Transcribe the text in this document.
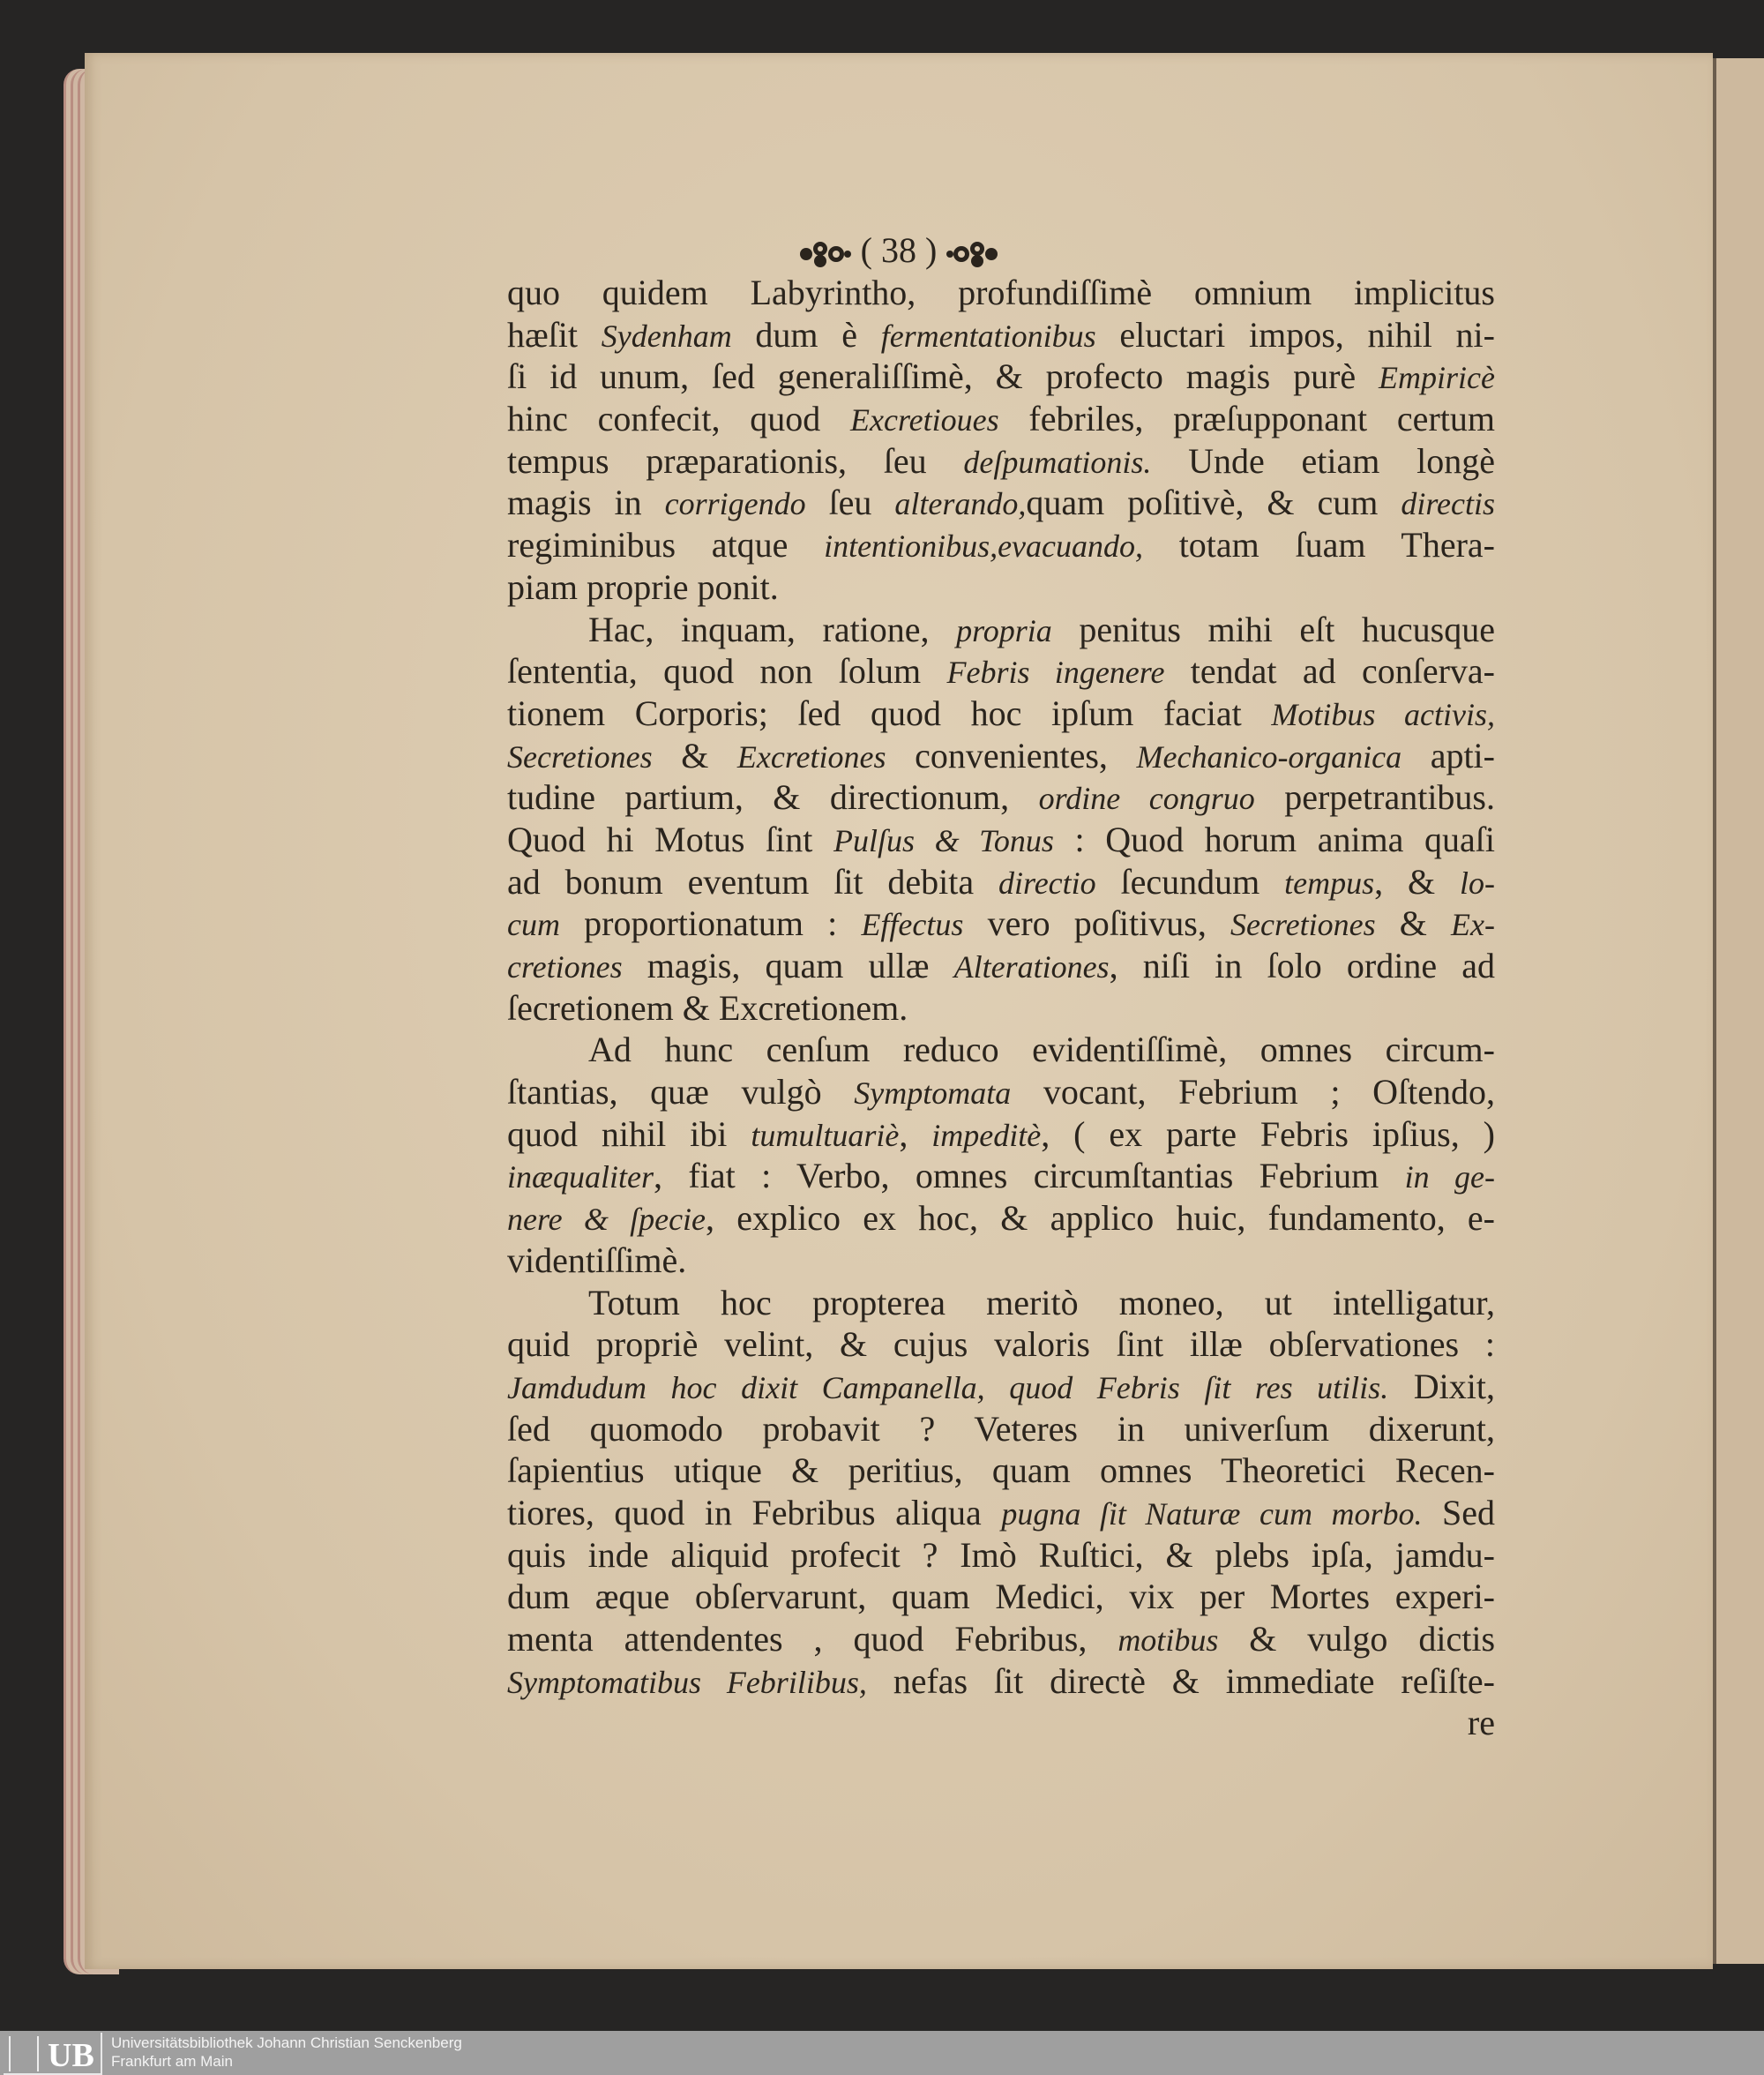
( 38 )
quo quidem Labyrintho, profundiſſimè omnium implicitus
hæſit Sydenham dum è fermentationibus eluctari impos, nihil ni-
ſi id unum, ſed generaliſſimè, & profecto magis purè Empiricè
hinc confecit, quod Excretioues febriles, præſupponant certum
tempus præparationis, ſeu deſpumationis. Unde etiam longè
magis in corrigendo ſeu alterando,quam poſitivè, & cum directis
regiminibus atque intentionibus,evacuando, totam ſuam Thera-
piam proprie ponit.
Hac, inquam, ratione, propria penitus mihi eſt hucusque
ſententia, quod non ſolum Febris ingenere tendat ad conſerva-
tionem Corporis; ſed quod hoc ipſum faciat Motibus activis,
Secretiones & Excretiones convenientes, Mechanico-organica apti-
tudine partium, & directionum, ordine congruo perpetrantibus.
Quod hi Motus ſint Pulſus & Tonus : Quod horum anima quaſi
ad bonum eventum ſit debita directio ſecundum tempus, & lo-
cum proportionatum : Effectus vero poſitivus, Secretiones & Ex-
cretiones magis, quam ullæ Alterationes, niſi in ſolo ordine ad
ſecretionem & Excretionem.
Ad hunc cenſum reduco evidentiſſimè, omnes circum-
ſtantias, quæ vulgò Symptomata vocant, Febrium ; Oſtendo,
quod nihil ibi tumultuariè, impeditè, ( ex parte Febris ipſius, )
inæqualiter, fiat : Verbo, omnes circumſtantias Febrium in ge-
nere & ſpecie, explico ex hoc, & applico huic, fundamento, e-
videntiſſimè.
Totum hoc propterea meritò moneo, ut intelligatur,
quid propriè velint, & cujus valoris ſint illæ obſervationes :
Jamdudum hoc dixit Campanella, quod Febris ſit res utilis. Dixit,
ſed quomodo probavit ? Veteres in univerſum dixerunt,
ſapientius utique & peritius, quam omnes Theoretici Recen-
tiores, quod in Febribus aliqua pugna ſit Naturæ cum morbo. Sed
quis inde aliquid profecit ? Imò Ruſtici, & plebs ipſa, jamdu-
dum æque obſervarunt, quam Medici, vix per Mortes experi-
menta attendentes , quod Febribus, motibus & vulgo dictis
Symptomatibus Febrilibus, nefas ſit directè & immediate reſiſte-
re
UB Universitätsbibliothek Johann Christian Senckenberg
Frankfurt am Main
